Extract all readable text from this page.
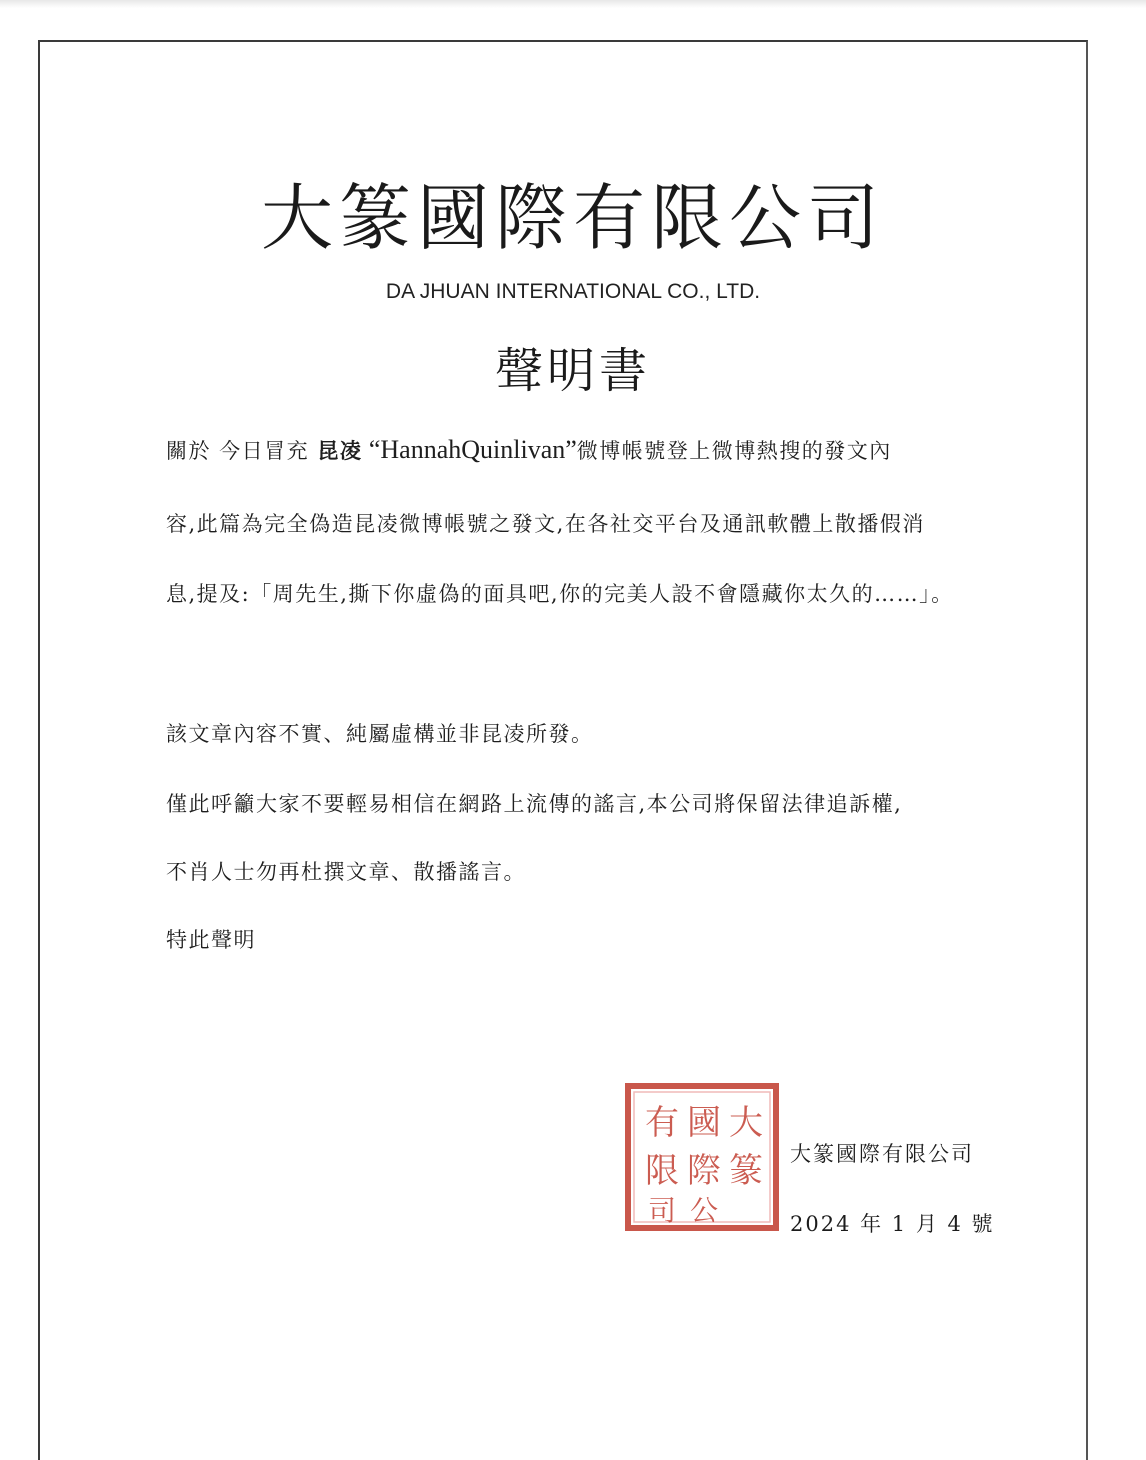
大篆國際有限公司
DA JHUAN INTERNATIONAL CO., LTD.
聲明書
關於 今日冒充 昆凌 “HannahQuinlivan”微博帳號登上微博熱搜的發文內
容,此篇為完全偽造昆凌微博帳號之發文,在各社交平台及通訊軟體上散播假消
息,提及:「周先生,撕下你虛偽的面具吧,你的完美人設不會隱藏你太久的……」。
該文章內容不實、純屬虛構並非昆凌所發。
僅此呼籲大家不要輕易相信在網路上流傳的謠言,本公司將保留法律追訴權,
不肖人士勿再杜撰文章、散播謠言。
特此聲明
大
篆
國
際
有
限
公
司
大篆國際有限公司
2024 年 1 月 4 號
